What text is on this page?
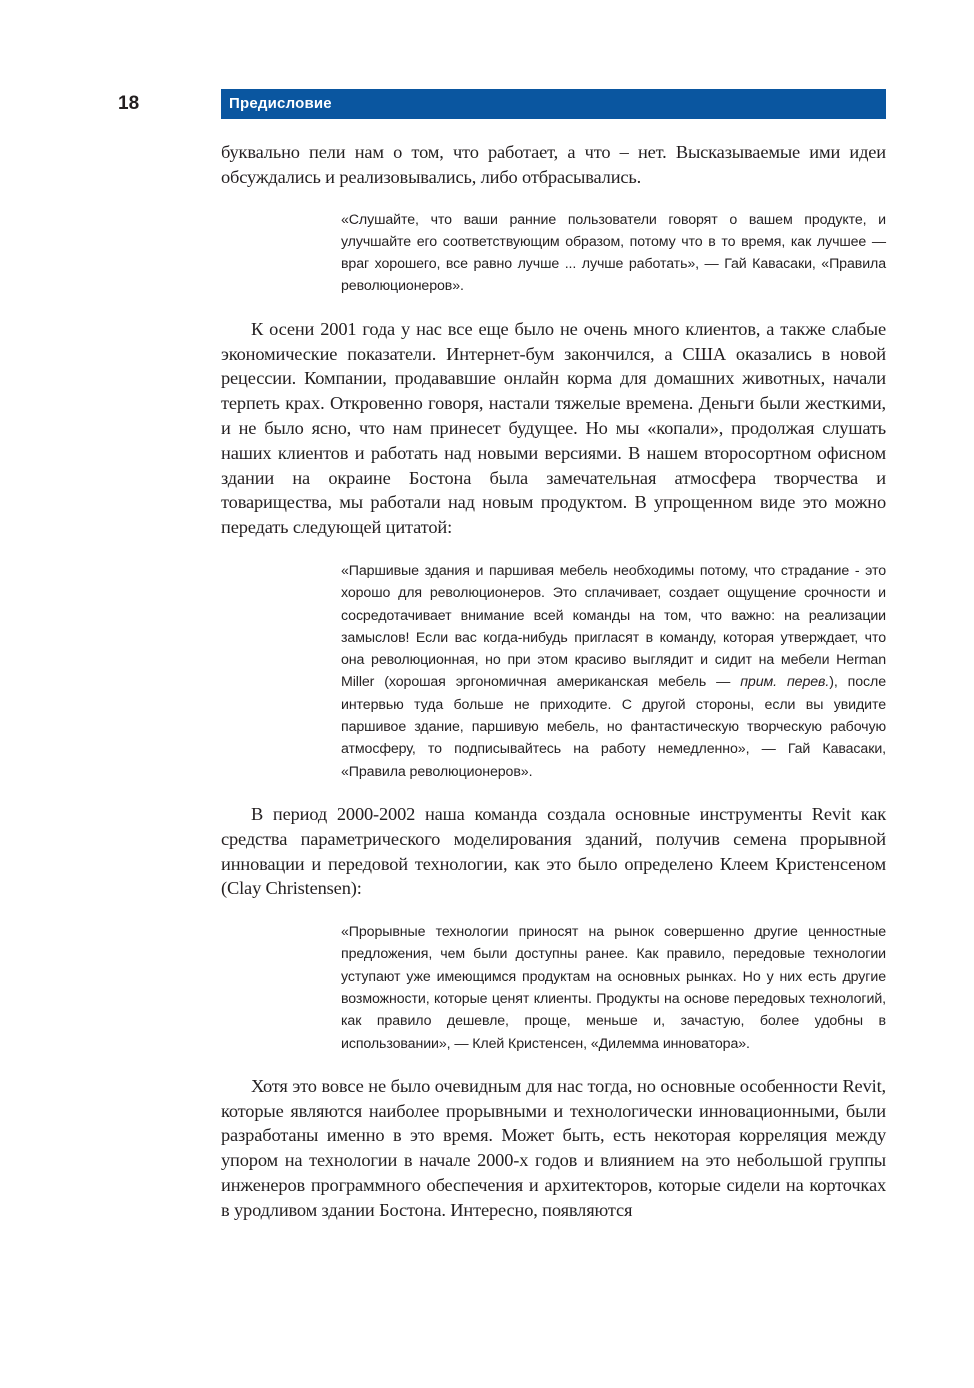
18	Предисловие

буквально пели нам о том, что работает, а что – нет. Высказываемые ими идеи обсуждались и реализовывались, либо отбрасывались.

«Слушайте, что ваши ранние пользователи говорят о вашем продукте, и улучшайте его соответствующим образом, потому что в то время, как лучшее — враг хорошего, все равно лучше ... лучше работать», — Гай Кавасаки, «Правила революционеров».

К осени 2001 года у нас все еще было не очень много клиентов, а также слабые экономические показатели. Интернет-бум закончился, а США оказались в новой рецессии. Компании, продававшие онлайн корма для домашних животных, начали терпеть крах. Откровенно говоря, настали тяжелые времена. Деньги были жесткими, и не было ясно, что нам принесет будущее. Но мы «копали», продолжая слушать наших клиентов и работать над новыми версиями. В нашем второсортном офисном здании на окраине Бостона была замечательная атмосфера творчества и товарищества, мы работали над новым продуктом. В упрощенном виде это можно передать следующей цитатой:

«Паршивые здания и паршивая мебель необходимы потому, что страдание - это хорошо для революционеров. Это сплачивает, создает ощущение срочности и сосредотачивает внимание всей команды на том, что важно: на реализации замыслов! Если вас когда-нибудь пригласят в команду, которая утверждает, что она революционная, но при этом красиво выглядит и сидит на мебели Herman Miller (хорошая эргономичная американская мебель — прим. перев.), после интервью туда больше не приходите. С другой стороны, если вы увидите паршивое здание, паршивую мебель, но фантастическую творческую рабочую атмосферу, то подписывайтесь на работу немедленно», — Гай Кавасаки, «Правила революционеров».

В период 2000-2002 наша команда создала основные инструменты Revit как средства параметрического моделирования зданий, получив семена прорывной инновации и передовой технологии, как это было определено Клеем Кристенсеном (Clay Christensen):

«Прорывные технологии приносят на рынок совершенно другие ценностные предложения, чем были доступны ранее. Как правило, передовые технологии уступают уже имеющимся продуктам на основных рынках. Но у них есть другие возможности, которые ценят клиенты. Продукты на основе передовых технологий, как правило дешевле, проще, меньше и, зачастую, более удобны в использовании», — Клей Кристенсен, «Дилемма инноватора».

Хотя это вовсе не было очевидным для нас тогда, но основные особенности Revit, которые являются наиболее прорывными и технологически инновационными, были разработаны именно в это время. Может быть, есть некоторая корреляция между упором на технологии в начале 2000-х годов и влиянием на это небольшой группы инженеров программного обеспечения и архитекторов, которые сидели на корточках в уродливом здании Бостона. Интересно, появляются
